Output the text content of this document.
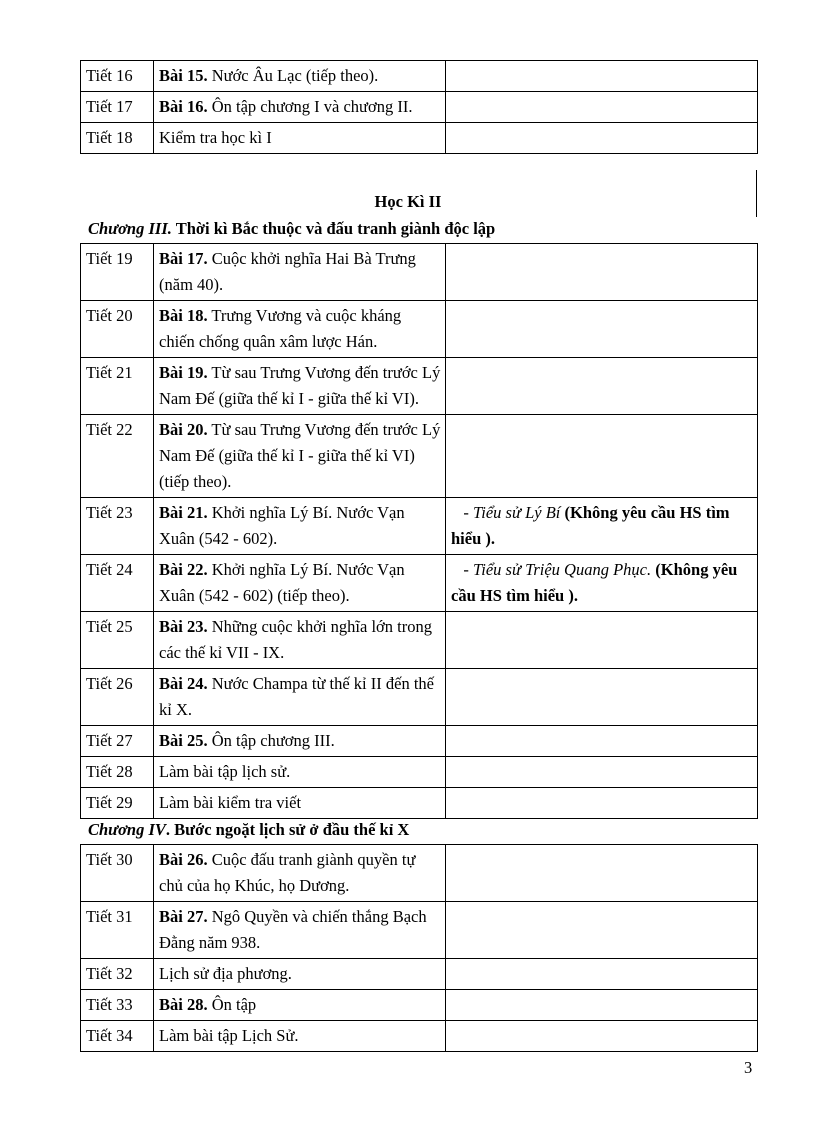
Tiết 16	Bài 15. Nước Âu Lạc (tiếp theo).	
Tiết 17	Bài 16. Ôn tập chương I và chương II.	
Tiết 18	Kiểm tra học kì I	
Học Kì II
Chương III. Thời kì Bắc thuộc và đấu tranh giành độc lập
Tiết 19	Bài 17. Cuộc khởi nghĩa Hai Bà Trưng (năm 40).	
Tiết 20	Bài 18. Trưng Vương và cuộc kháng chiến chống quân xâm lược Hán.	
Tiết 21	Bài 19. Từ sau Trưng Vương đến trước Lý Nam Đế (giữa thế kỉ I - giữa thế kỉ VI).	
Tiết 22	Bài 20. Từ sau Trưng Vương đến trước Lý Nam Đế (giữa thế kỉ I - giữa thế kỉ VI) (tiếp theo).	
Tiết 23	Bài 21. Khởi nghĩa Lý Bí. Nước Vạn Xuân (542 - 602).	- Tiểu sử Lý Bí (Không yêu cầu HS tìm hiểu ).
Tiết 24	Bài 22. Khởi nghĩa Lý Bí. Nước Vạn Xuân (542 - 602) (tiếp theo).	- Tiểu sử Triệu Quang Phục. (Không yêu cầu HS tìm hiểu ).
Tiết 25	Bài 23. Những cuộc khởi nghĩa lớn trong các thế kỉ VII - IX.	
Tiết 26	Bài 24. Nước Champa từ thế kỉ II đến thế kỉ X.	
Tiết 27	Bài 25. Ôn tập chương III.	
Tiết 28	Làm bài tập lịch sử.	
Tiết 29	Làm bài kiểm tra viết	
Chương IV. Bước ngoặt lịch sử ở đầu thế kỉ X
Tiết 30	Bài 26. Cuộc đấu tranh giành quyền tự chủ của họ Khúc, họ Dương.	
Tiết 31	Bài 27. Ngô Quyền và chiến thắng Bạch Đằng năm 938.	
Tiết 32	Lịch sử địa phương.	
Tiết 33	Bài 28. Ôn tập	
Tiết 34	Làm bài tập Lịch Sử.	
3
